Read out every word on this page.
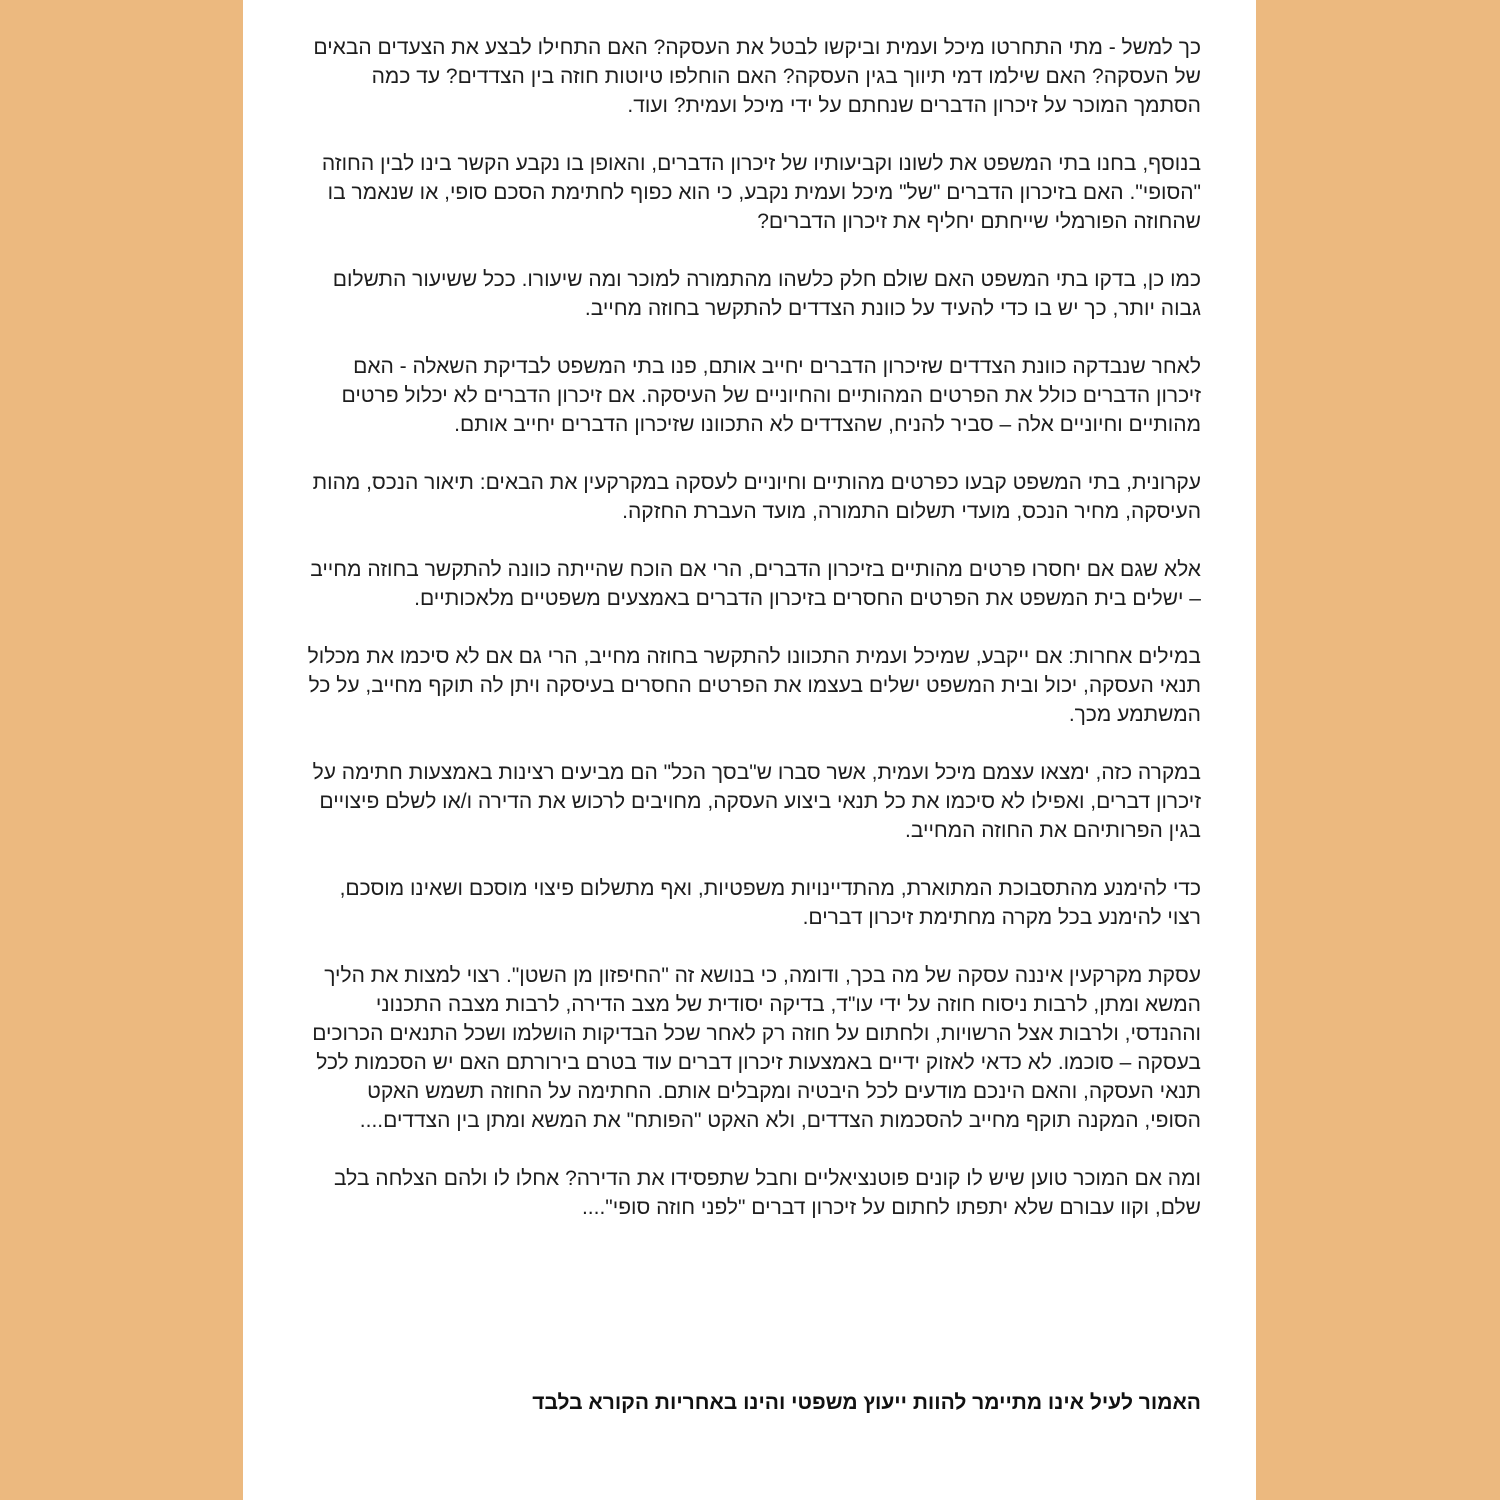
כך למשל - מתי התחרטו מיכל ועמית וביקשו לבטל את העסקה? האם התחילו לבצע את הצעדים הבאים של העסקה? האם שילמו דמי תיווך בגין העסקה? האם הוחלפו טיוטות חוזה בין הצדדים? עד כמה הסתמך המוכר על זיכרון הדברים שנחתם על ידי מיכל ועמית? ועוד.

בנוסף, בחנו בתי המשפט את לשונו וקביעותיו של זיכרון הדברים, והאופן בו נקבע הקשר בינו לבין החוזה "הסופי". האם בזיכרון הדברים "של" מיכל ועמית נקבע, כי הוא כפוף לחתימת הסכם סופי, או שנאמר בו שהחוזה הפורמלי שייחתם יחליף את זיכרון הדברים?

כמו כן, בדקו בתי המשפט האם שולם חלק כלשהו מהתמורה למוכר ומה שיעורו. ככל ששיעור התשלום גבוה יותר, כך יש בו כדי להעיד על כוונת הצדדים להתקשר בחוזה מחייב.

לאחר שנבדקה כוונת הצדדים שזיכרון הדברים יחייב אותם, פנו בתי המשפט לבדיקת השאלה - האם זיכרון הדברים כולל את הפרטים המהותיים והחיוניים של העיסקה. אם זיכרון הדברים לא יכלול פרטים מהותיים וחיוניים אלה – סביר להניח, שהצדדים לא התכוונו שזיכרון הדברים יחייב אותם.

עקרונית, בתי המשפט קבעו כפרטים מהותיים וחיוניים לעסקה במקרקעין את הבאים: תיאור הנכס, מהות העיסקה, מחיר הנכס, מועדי תשלום התמורה, מועד העברת החזקה.

אלא שגם אם יחסרו פרטים מהותיים בזיכרון הדברים, הרי אם הוכח שהייתה כוונה להתקשר בחוזה מחייב – ישלים בית המשפט את הפרטים החסרים בזיכרון הדברים באמצעים משפטיים מלאכותיים.

במילים אחרות: אם ייקבע, שמיכל ועמית התכוונו להתקשר בחוזה מחייב, הרי גם אם לא סיכמו את מכלול תנאי העסקה, יכול ובית המשפט ישלים בעצמו את הפרטים החסרים בעיסקה ויתן לה תוקף מחייב, על כל המשתמע מכך.

במקרה כזה, ימצאו עצמם מיכל ועמית, אשר סברו ש"בסך הכל" הם מביעים רצינות באמצעות חתימה על זיכרון דברים, ואפילו לא סיכמו את כל תנאי ביצוע העסקה, מחויבים לרכוש את הדירה ו/או לשלם פיצויים בגין הפרותיהם את החוזה המחייב.

כדי להימנע מהתסבוכת המתוארת, מהתדיינויות משפטיות, ואף מתשלום פיצוי מוסכם ושאינו מוסכם, רצוי להימנע בכל מקרה מחתימת זיכרון דברים.

עסקת מקרקעין איננה עסקה של מה בכך, ודומה, כי בנושא זה "החיפזון מן השטן". רצוי למצות את הליך המשא ומתן, לרבות ניסוח חוזה על ידי עו"ד, בדיקה יסודית של מצב הדירה, לרבות מצבה התכנוני וההנדסי, ולרבות אצל הרשויות, ולחתום על חוזה רק לאחר שכל הבדיקות הושלמו ושכל התנאים הכרוכים בעסקה – סוכמו. לא כדאי לאזוק ידיים באמצעות זיכרון דברים עוד בטרם בירורתם האם יש הסכמות לכל תנאי העסקה, והאם הינכם מודעים לכל היבטיה ומקבלים אותם. החתימה על החוזה תשמש האקט הסופי, המקנה תוקף מחייב להסכמות הצדדים, ולא האקט "הפותח" את המשא ומתן בין הצדדים....

ומה אם המוכר טוען שיש לו קונים פוטנציאליים וחבל שתפסידו את הדירה? אחלו לו ולהם הצלחה בלב שלם, וקוו עבורם שלא יתפתו לחתום על זיכרון דברים "לפני חוזה סופי"....

האמור לעיל אינו מתיימר להוות ייעוץ משפטי והינו באחריות הקורא בלבד
